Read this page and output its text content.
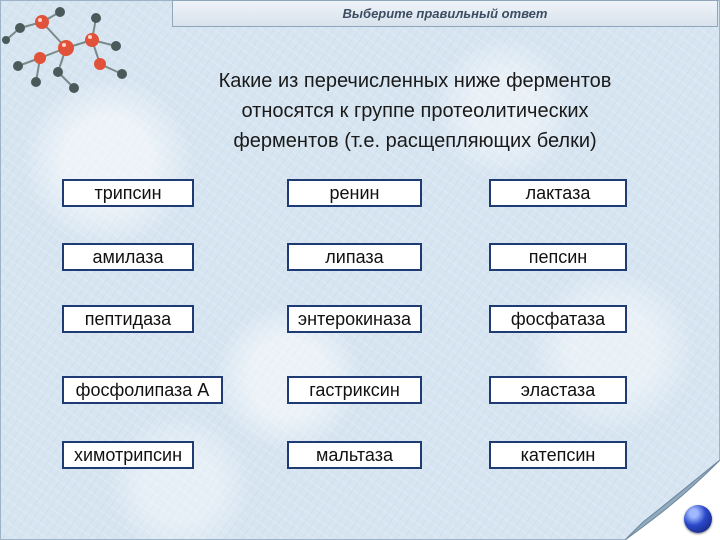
Выберите правильный ответ
Какие из перечисленных ниже ферментов
относятся к группе протеолитических
ферментов (т.е. расщепляющих белки)
трипсин	ренин	лактаза
амилаза	липаза	пепсин
пептидаза	энтерокиназа	фосфатаза
фосфолипаза А	гастриксин	эластаза
химотрипсин	мальтаза	катепсин
